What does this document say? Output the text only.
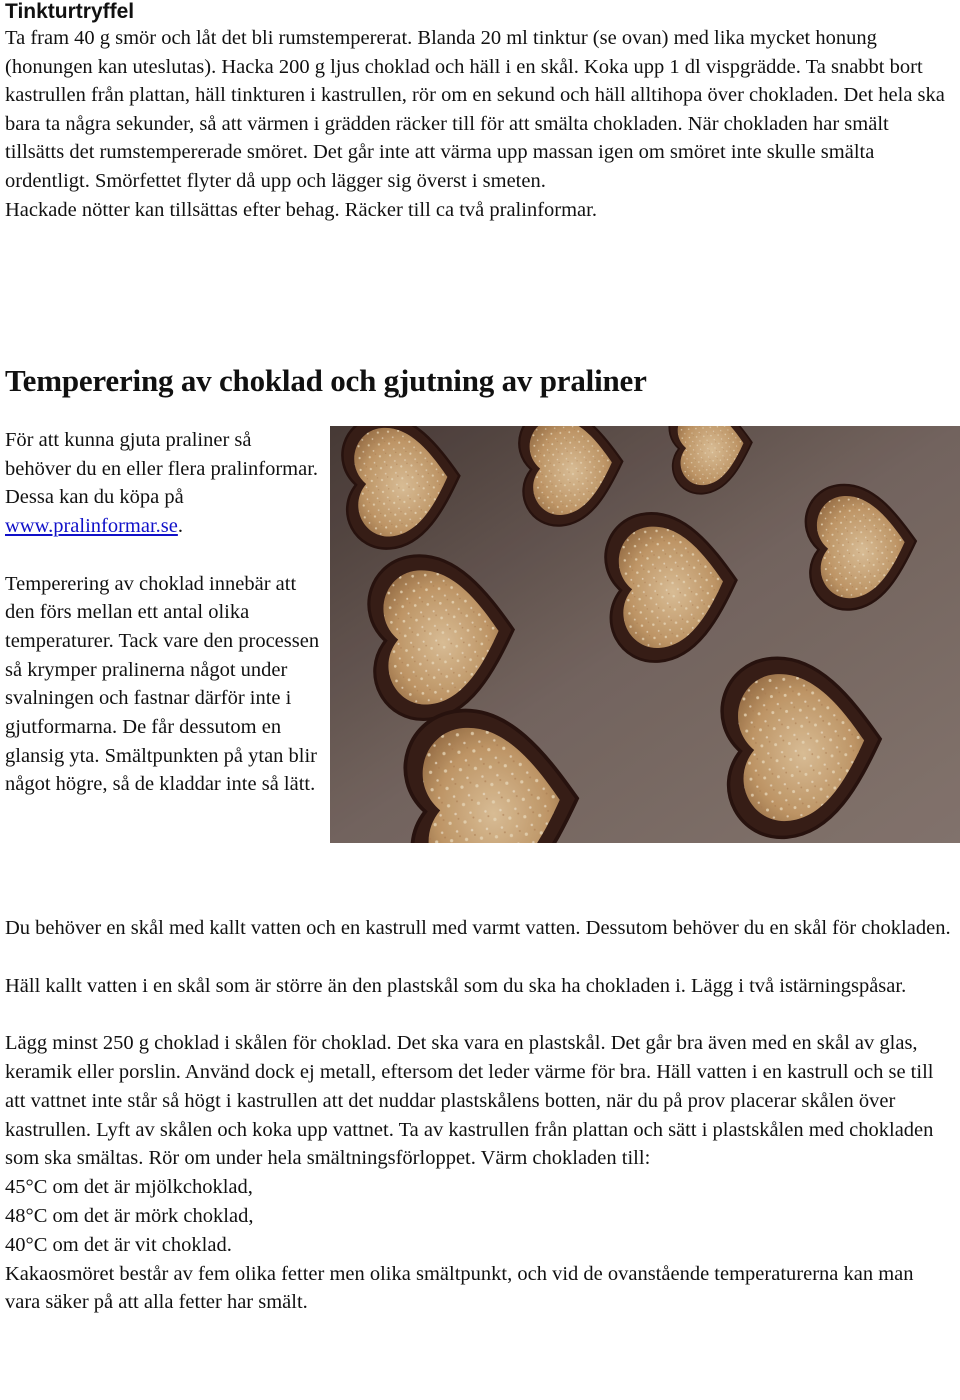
Tinkturtryffel

Ta fram 40 g smör och låt det bli rumstempererat. Blanda 20 ml tinktur (se ovan) med lika mycket honung (honungen kan uteslutas). Hacka 200 g ljus choklad och häll i en skål. Koka upp 1 dl vispgrädde. Ta snabbt bort kastrullen från plattan, häll tinkturen i kastrullen, rör om en sekund och häll alltihopa över chokladen. Det hela ska bara ta några sekunder, så att värmen i grädden räcker till för att smälta chokladen. När chokladen har smält tillsätts det rumstempererade smöret. Det går inte att värma upp massan igen om smöret inte skulle smälta ordentligt. Smörfettet flyter då upp och lägger sig överst i smeten.

Hackade nötter kan tillsättas efter behag. Räcker till ca två pralinformar.

Temperering av choklad och gjutning av praliner

För att kunna gjuta praliner så behöver du en eller flera pralinformar. Dessa kan du köpa på www.pralinformar.se.

Temperering av choklad innebär att den förs mellan ett antal olika temperaturer. Tack vare den processen så krymper pralinerna något under svalningen och fastnar därför inte i gjutformarna. De får dessutom en glansig yta. Smältpunkten på ytan blir något högre, så de kladdar inte så lätt.

Du behöver en skål med kallt vatten och en kastrull med varmt vatten. Dessutom behöver du en skål för chokladen.

Häll kallt vatten i en skål som är större än den plastskål som du ska ha chokladen i. Lägg i två istärningspåsar.

Lägg minst 250 g choklad i skålen för choklad. Det ska vara en plastskål. Det går bra även med en skål av glas, keramik eller porslin. Använd dock ej metall, eftersom det leder värme för bra. Häll vatten i en kastrull och se till att vattnet inte står så högt i kastrullen att det nuddar plastskålens botten, när du på prov placerar skålen över kastrullen. Lyft av skålen och koka upp vattnet. Ta av kastrullen från plattan och sätt i plastskålen med chokladen som ska smältas. Rör om under hela smältningsförloppet. Värm chokladen till:

45°C om det är mjölkchoklad,

48°C om det är mörk choklad,

40°C om det är vit choklad.

Kakaosmöret består av fem olika fetter men olika smältpunkt, och vid de ovanstående temperaturerna kan man vara säker på att alla fetter har smält.
